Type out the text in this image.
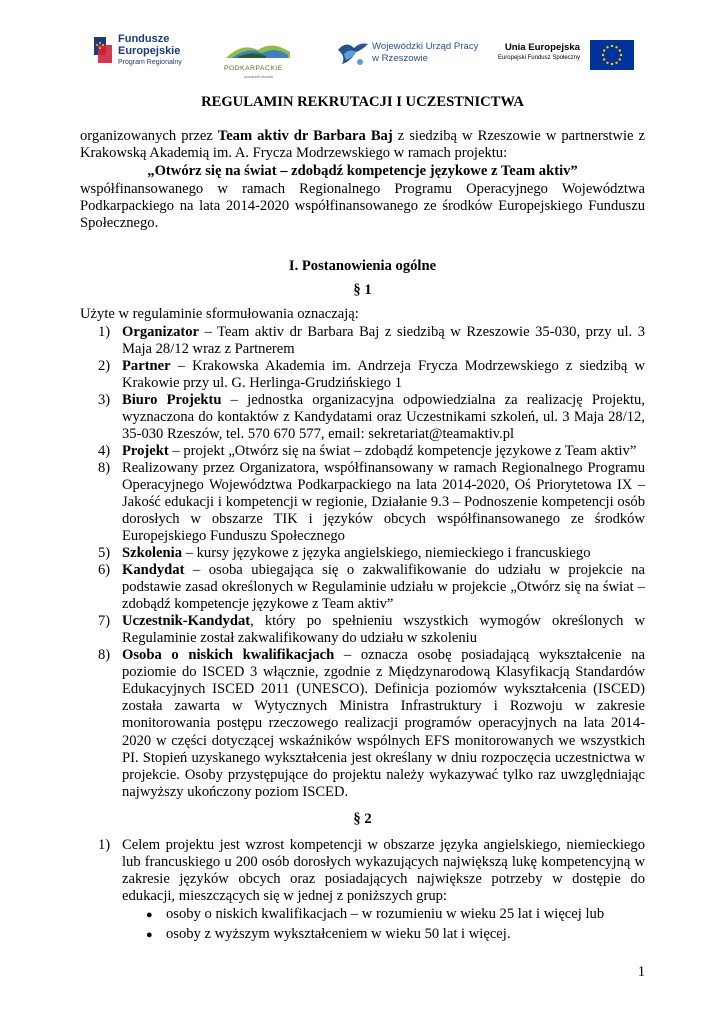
Fundusze
Europejskie
Program Regionalny
PODKARPACKIE
przestrzeń otwarta
Wojewódzki Urząd Pracy
w Rzeszowie
Unia Europejska
Europejski Fundusz Społeczny
REGULAMIN REKRUTACJI I UCZESTNICTWA
organizowanych przez Team aktiv dr Barbara Baj z siedzibą w Rzeszowie w partnerstwie z
Krakowską Akademią im. A. Frycza Modrzewskiego w ramach projektu:
„Otwórz się na świat – zdobądź kompetencje językowe z Team aktiv”
współfinansowanego w ramach Regionalnego Programu Operacyjnego Województwa
Podkarpackiego na lata 2014-2020 współfinansowanego ze środków Europejskiego Funduszu
Społecznego.
I. Postanowienia ogólne
§ 1
Użyte w regulaminie sformułowania oznaczają:
1) Organizator – Team aktiv dr Barbara Baj z siedzibą w Rzeszowie 35-030, przy ul. 3
Maja 28/12 wraz z Partnerem
2) Partner – Krakowska Akademia im. Andrzeja Frycza Modrzewskiego z siedzibą w
Krakowie przy ul. G. Herlinga-Grudzińskiego 1
3) Biuro Projektu – jednostka organizacyjna odpowiedzialna za realizację Projektu,
wyznaczona do kontaktów z Kandydatami oraz Uczestnikami szkoleń, ul. 3 Maja 28/12,
35-030 Rzeszów, tel. 570 670 577, email: sekretariat@teamaktiv.pl
4) Projekt – projekt „Otwórz się na świat – zdobądź kompetencje językowe z Team aktiv”
8) Realizowany przez Organizatora, współfinansowany w ramach Regionalnego Programu
Operacyjnego Województwa Podkarpackiego na lata 2014-2020, Oś Priorytetowa IX –
Jakość edukacji i kompetencji w regionie, Działanie 9.3 – Podnoszenie kompetencji osób
dorosłych w obszarze TIK i języków obcych współfinansowanego ze środków
Europejskiego Funduszu Społecznego
5) Szkolenia – kursy językowe z języka angielskiego, niemieckiego i francuskiego
6) Kandydat – osoba ubiegająca się o zakwalifikowanie do udziału w projekcie na
podstawie zasad określonych w Regulaminie udziału w projekcie „Otwórz się na świat –
zdobądź kompetencje językowe z Team aktiv”
7) Uczestnik-Kandydat, który po spełnieniu wszystkich wymogów określonych w
Regulaminie został zakwalifikowany do udziału w szkoleniu
8) Osoba o niskich kwalifikacjach – oznacza osobę posiadającą wykształcenie na
poziomie do ISCED 3 włącznie, zgodnie z Międzynarodową Klasyfikacją Standardów
Edukacyjnych ISCED 2011 (UNESCO). Definicja poziomów wykształcenia (ISCED)
została zawarta w Wytycznych Ministra Infrastruktury i Rozwoju w zakresie
monitorowania postępu rzeczowego realizacji programów operacyjnych na lata 2014-
2020 w części dotyczącej wskaźników wspólnych EFS monitorowanych we wszystkich
PI. Stopień uzyskanego wykształcenia jest określany w dniu rozpoczęcia uczestnictwa w
projekcie. Osoby przystępujące do projektu należy wykazywać tylko raz uwzględniając
najwyższy ukończony poziom ISCED.
§ 2
1) Celem projektu jest wzrost kompetencji w obszarze języka angielskiego, niemieckiego
lub francuskiego u 200 osób dorosłych wykazujących największą lukę kompetencyjną w
zakresie języków obcych oraz posiadających największe potrzeby w dostępie do
edukacji, mieszczących się w jednej z poniższych grup:
● osoby o niskich kwalifikacjach – w rozumieniu w wieku 25 lat i więcej lub
● osoby z wyższym wykształceniem w wieku 50 lat i więcej.
1
